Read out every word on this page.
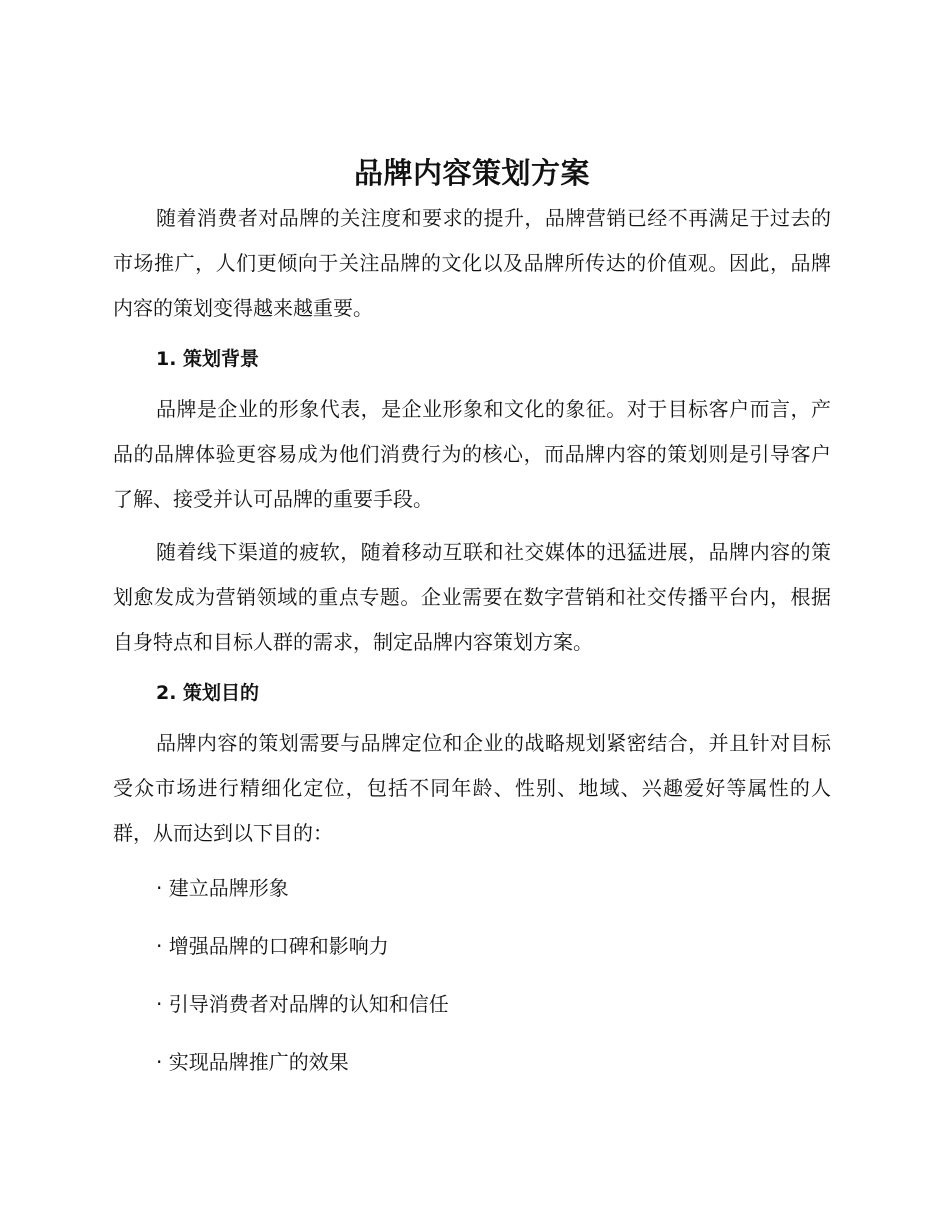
品牌内容策划方案

随着消费者对品牌的关注度和要求的提升，品牌营销已经不再满足于过去的市场推广，人们更倾向于关注品牌的文化以及品牌所传达的价值观。因此，品牌内容的策划变得越来越重要。

1. 策划背景

品牌是企业的形象代表，是企业形象和文化的象征。对于目标客户而言，产品的品牌体验更容易成为他们消费行为的核心，而品牌内容的策划则是引导客户了解、接受并认可品牌的重要手段。

随着线下渠道的疲软，随着移动互联和社交媒体的迅猛进展，品牌内容的策划愈发成为营销领域的重点专题。企业需要在数字营销和社交传播平台内，根据自身特点和目标人群的需求，制定品牌内容策划方案。

2. 策划目的

品牌内容的策划需要与品牌定位和企业的战略规划紧密结合，并且针对目标受众市场进行精细化定位，包括不同年龄、性别、地域、兴趣爱好等属性的人群，从而达到以下目的：

· 建立品牌形象

· 增强品牌的口碑和影响力

· 引导消费者对品牌的认知和信任

· 实现品牌推广的效果
